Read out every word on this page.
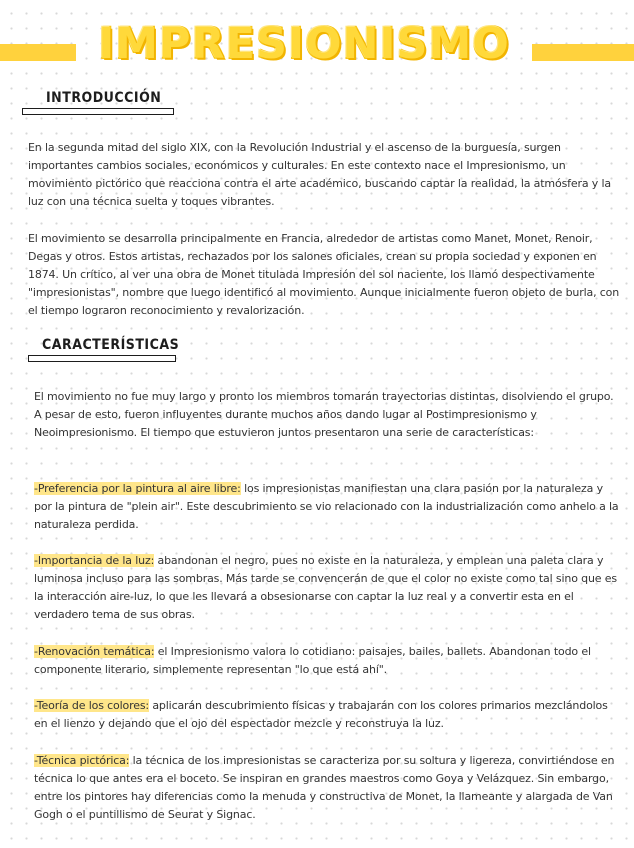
IMPRESIONISMO
INTRODUCCIÓN

En la segunda mitad del siglo XIX, con la Revolución Industrial y el ascenso de la burguesía, surgen importantes cambios sociales, económicos y culturales. En este contexto nace el Impresionismo, un movimiento pictórico que reacciona contra el arte académico, buscando captar la realidad, la atmósfera y la luz con una técnica suelta y toques vibrantes.

El movimiento se desarrolla principalmente en Francia, alrededor de artistas como Manet, Monet, Renoir, Degas y otros. Estos artistas, rechazados por los salones oficiales, crean su propia sociedad y exponen en 1874. Un crítico, al ver una obra de Monet titulada Impresión del sol naciente, los llamó despectivamente "impresionistas", nombre que luego identificó al movimiento. Aunque inicialmente fueron objeto de burla, con el tiempo lograron reconocimiento y revalorización.

CARACTERÍSTICAS

El movimiento no fue muy largo y pronto los miembros tomarán trayectorias distintas, disolviendo el grupo. A pesar de esto, fueron influyentes durante muchos años dando lugar al Postimpresionismo y Neoimpresionismo. El tiempo que estuvieron juntos presentaron una serie de características:

-Preferencia por la pintura al aire libre: los impresionistas manifiestan una clara pasión por la naturaleza y por la pintura de "plein air". Este descubrimiento se vio relacionado con la industrialización como anhelo a la naturaleza perdida.

-Importancia de la luz: abandonan el negro, pues no existe en la naturaleza, y emplean una paleta clara y luminosa incluso para las sombras. Más tarde se convencerán de que el color no existe como tal sino que es la interacción aire-luz, lo que les llevará a obsesionarse con captar la luz real y a convertir esta en el verdadero tema de sus obras.

-Renovación temática: el Impresionismo valora lo cotidiano: paisajes, bailes, ballets. Abandonan todo el componente literario, simplemente representan "lo que está ahí".

-Teoría de los colores: aplicarán descubrimiento físicas y trabajarán con los colores primarios mezclándolos en el lienzo y dejando que el ojo del espectador mezcle y reconstruya la luz.

-Técnica pictórica: la técnica de los impresionistas se caracteriza por su soltura y ligereza, convirtiéndose en técnica lo que antes era el boceto. Se inspiran en grandes maestros como Goya y Velázquez. Sin embargo, entre los pintores hay diferencias como la menuda y constructiva de Monet, la llameante y alargada de Van Gogh o el puntillismo de Seurat y Signac.
